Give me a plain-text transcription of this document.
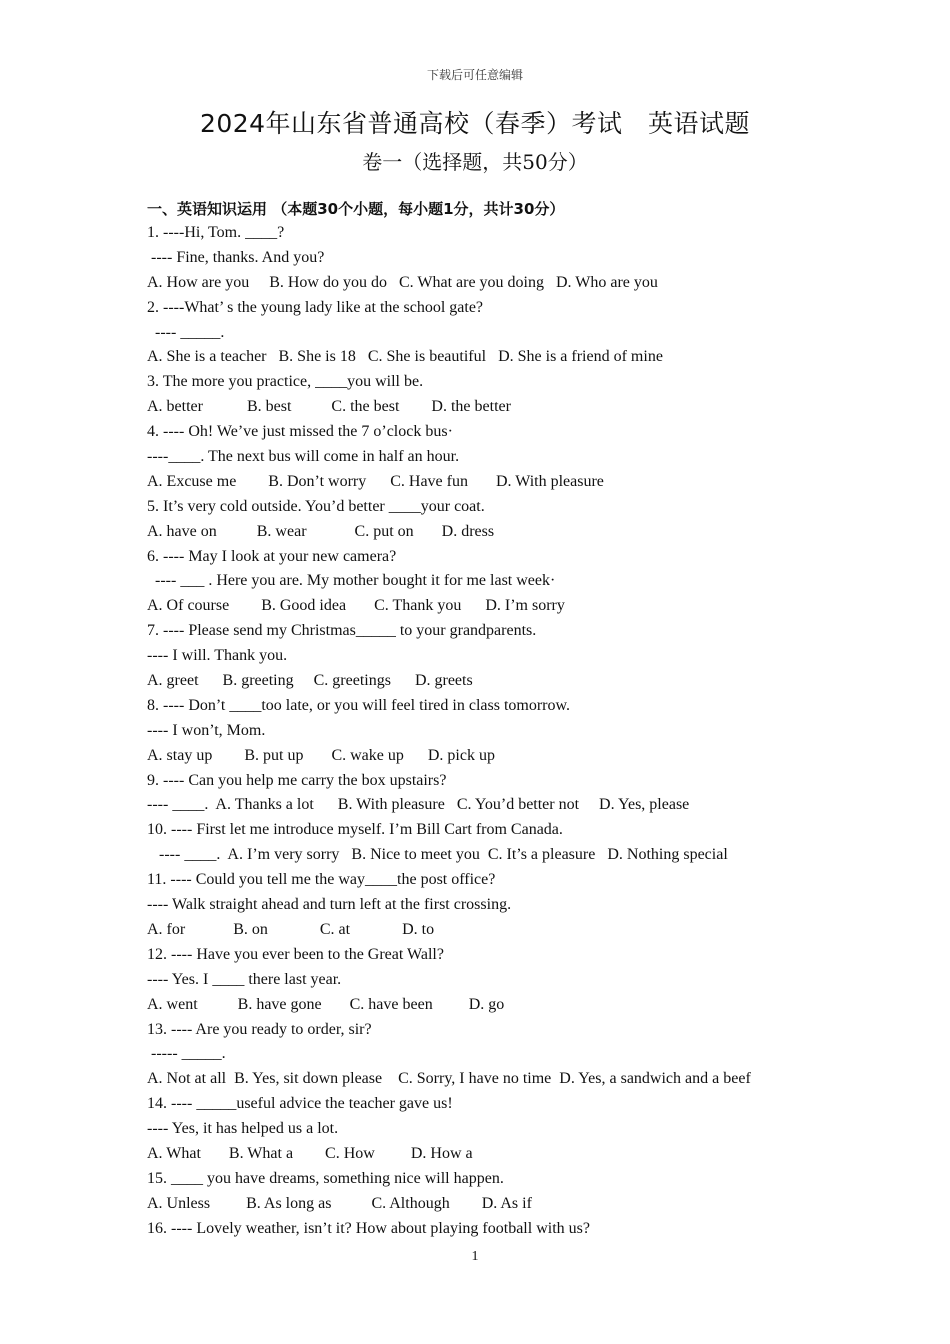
下载后可任意编辑
2024年山东省普通高校（春季）考试　英语试题
卷一（选择题，共50分）
一、英语知识运用 （本题30个小题，每小题1分，共计30分）
1. ----Hi, Tom. ____?
---- Fine, thanks. And you?
A. How are you     B. How do you do   C. What are you doing   D. Who are you
2. ----What’ s the young lady like at the school gate?
---- _____.
A. She is a teacher   B. She is 18   C. She is beautiful   D. She is a friend of mine
3. The more you practice, ____you will be.
A. better           B. best          C. the best        D. the better
4. ---- Oh! We’ve just missed the 7 o’clock bus·
----____. The next bus will come in half an hour.
A. Excuse me        B. Don’t worry      C. Have fun       D. With pleasure
5. It’s very cold outside. You’d better ____your coat.
A. have on          B. wear            C. put on       D. dress
6. ---- May I look at your new camera?
---- ___ . Here you are. My mother bought it for me last week·
A. Of course        B. Good idea       C. Thank you      D. I’m sorry
7. ---- Please send my Christmas_____ to your grandparents.
---- I will. Thank you.
A. greet      B. greeting     C. greetings      D. greets
8. ---- Don’t ____too late, or you will feel tired in class tomorrow.
---- I won’t, Mom.
A. stay up        B. put up       C. wake up      D. pick up
9. ---- Can you help me carry the box upstairs?
---- ____.  A. Thanks a lot      B. With pleasure   C. You’d better not     D. Yes, please
10. ---- First let me introduce myself. I’m Bill Cart from Canada.
---- ____.  A. I’m very sorry   B. Nice to meet you  C. It’s a pleasure   D. Nothing special
11. ---- Could you tell me the way____the post office?
---- Walk straight ahead and turn left at the first crossing.
A. for            B. on             C. at             D. to
12. ---- Have you ever been to the Great Wall?
---- Yes. I ____ there last year.
A. went          B. have gone       C. have been         D. go
13. ---- Are you ready to order, sir?
----- _____.
A. Not at all  B. Yes, sit down please    C. Sorry, I have no time  D. Yes, a sandwich and a beef
14. ---- _____useful advice the teacher gave us!
---- Yes, it has helped us a lot.
A. What       B. What a        C. How         D. How a
15. ____ you have dreams, something nice will happen.
A. Unless         B. As long as          C. Although        D. As if
16. ---- Lovely weather, isn’t it? How about playing football with us?
1
